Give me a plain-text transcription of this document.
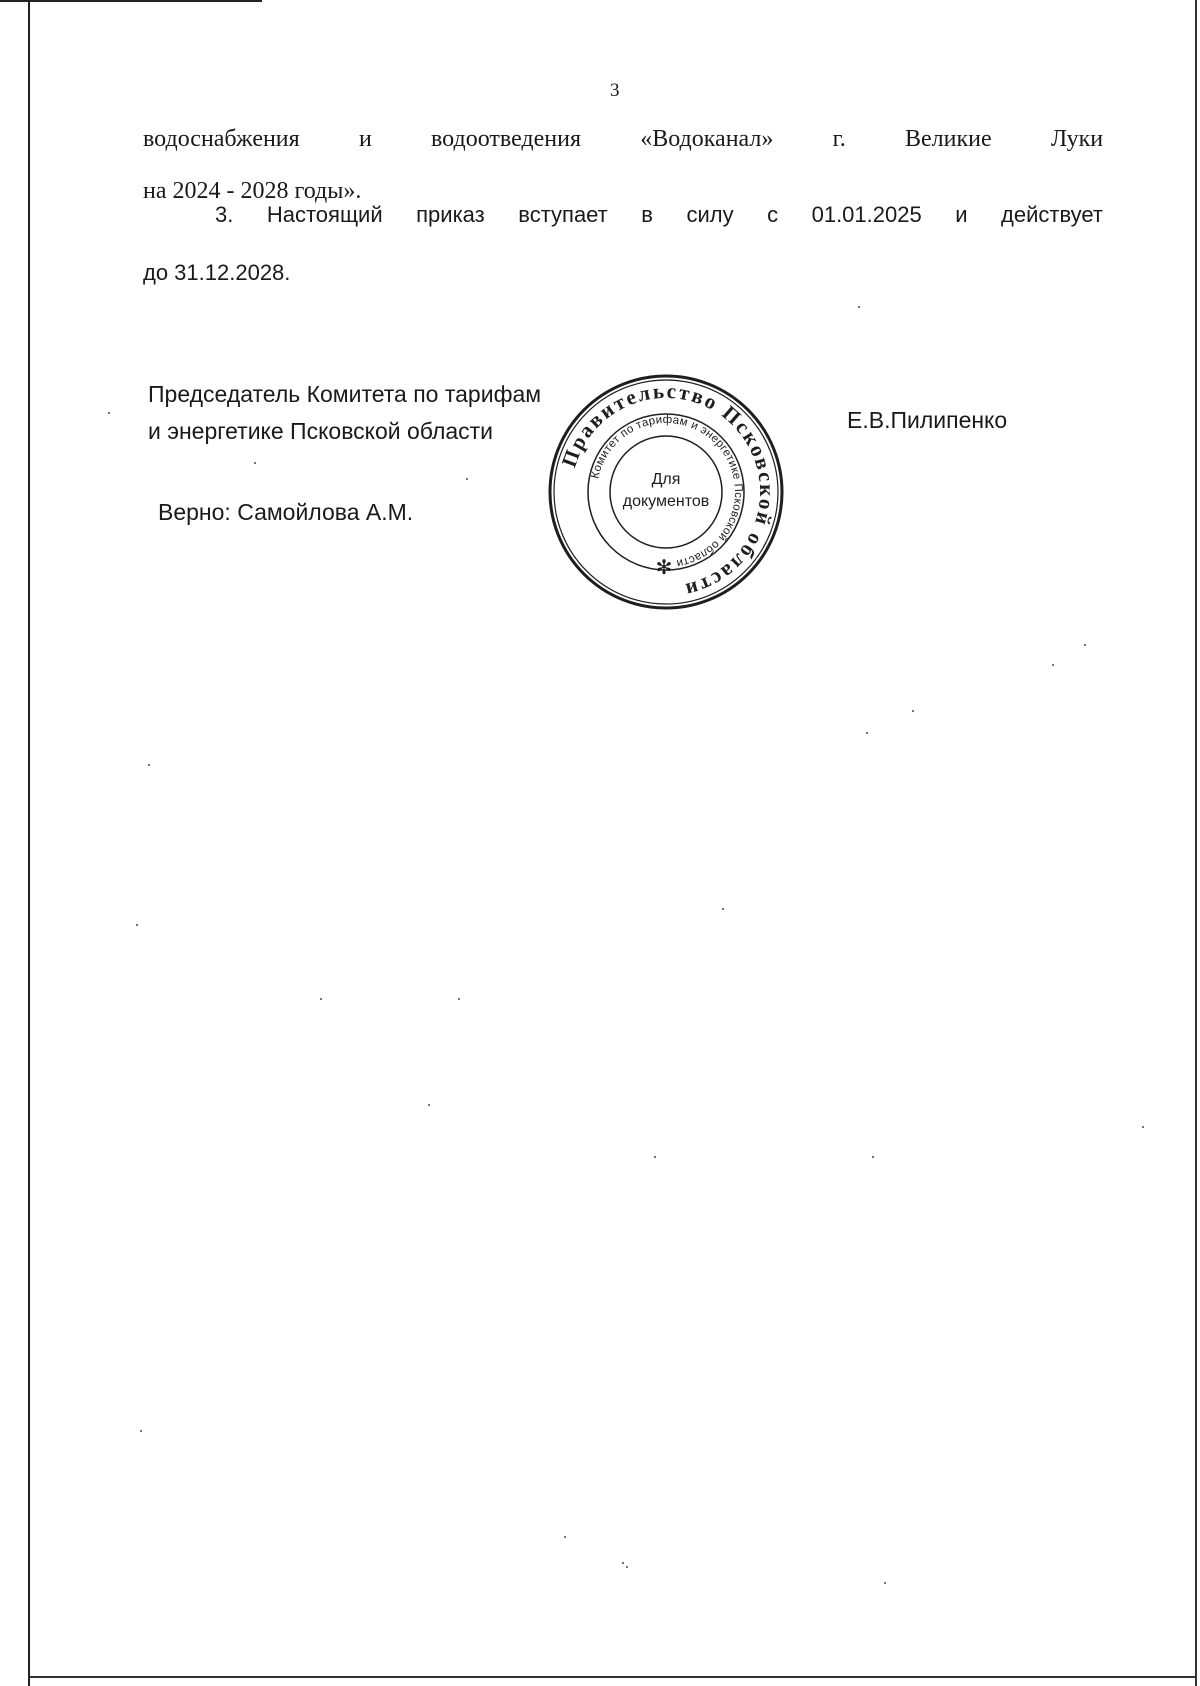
3
водоснабжения и водоотведения «Водоканал» г. Великие Луки
на 2024 - 2028 годы».
3. Настоящий приказ вступает в силу с 01.01.2025 и действует
до 31.12.2028.
Председатель Комитета по тарифам
и энергетике Псковской области	Е.В.Пилипенко
Верно: Самойлова А.М.
Правительство Псковской области
Комитет по тарифам и энергетике Псковской области
Для
документов
✻
